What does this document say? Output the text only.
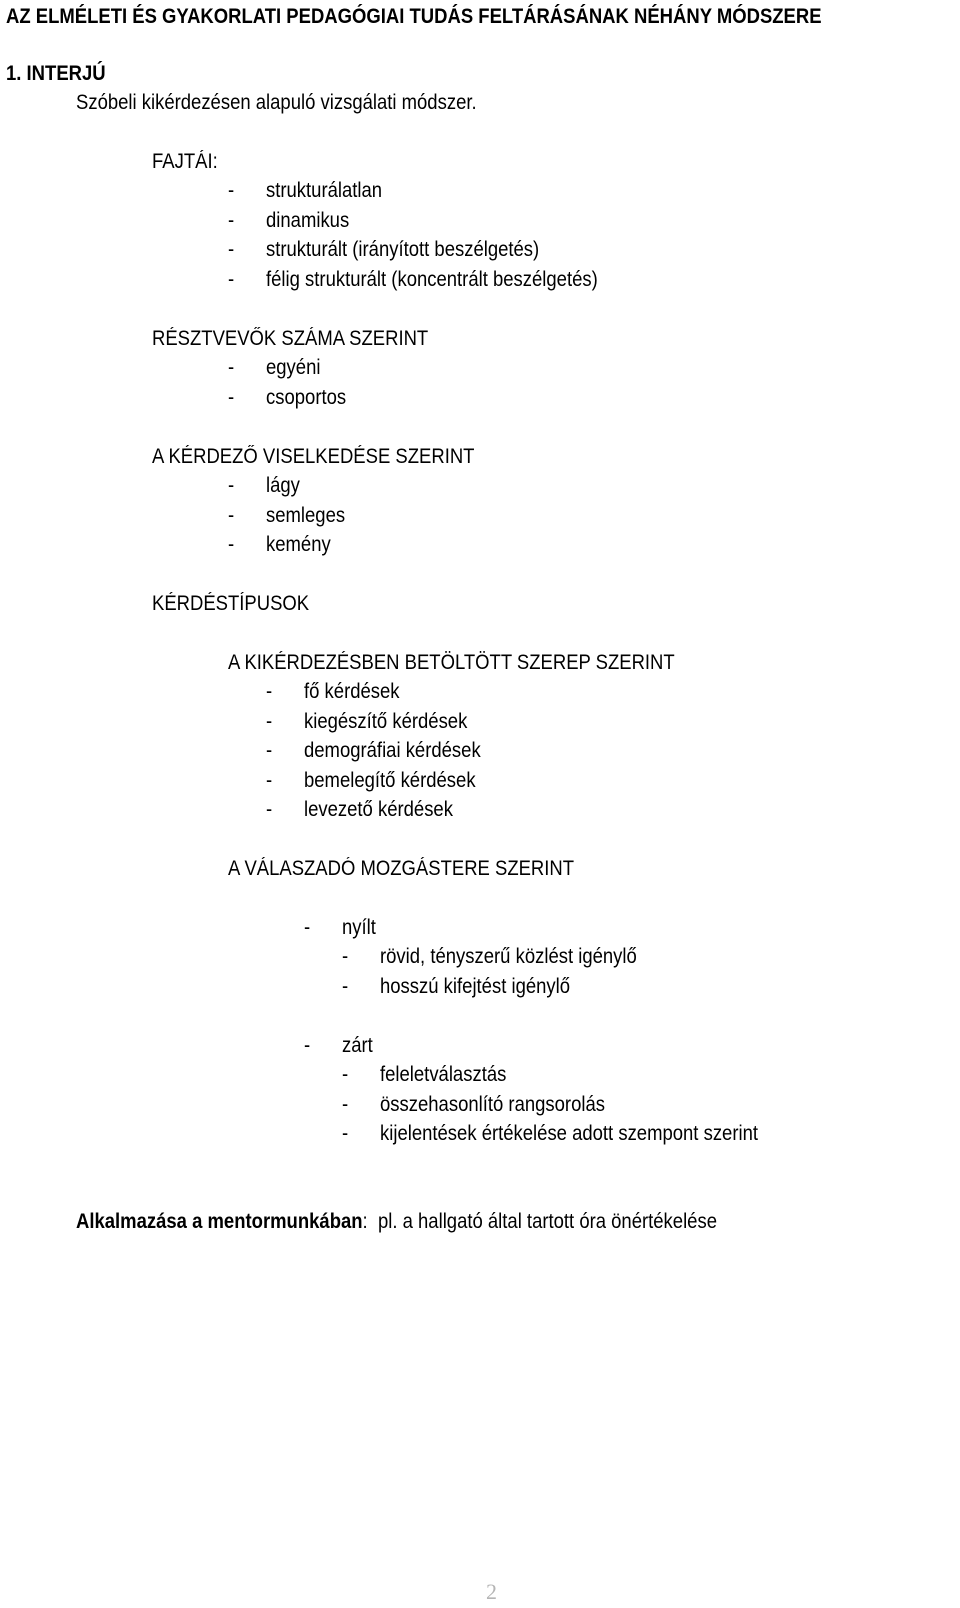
AZ ELMÉLETI ÉS GYAKORLATI PEDAGÓGIAI TUDÁS FELTÁRÁSÁNAK NÉHÁNY MÓDSZERE

1. INTERJÚ

Szóbeli kikérdezésen alapuló vizsgálati módszer.

FAJTÁI:

- strukturálatlan

- dinamikus

- strukturált (irányított beszélgetés)

- félig strukturált (koncentrált beszélgetés)

RÉSZTVEVŐK SZÁMA SZERINT

- egyéni

- csoportos

A KÉRDEZŐ VISELKEDÉSE SZERINT

- lágy

- semleges

- kemény

KÉRDÉSTÍPUSOK

A KIKÉRDEZÉSBEN BETÖLTÖTT SZEREP SZERINT

- fő kérdések

- kiegészítő kérdések

- demográfiai kérdések

- bemelegítő kérdések

- levezető kérdések

A VÁLASZADÓ MOZGÁSTERE SZERINT

- nyílt

- rövid, tényszerű közlést igénylő

- hosszú kifejtést igénylő

- zárt

- feleletválasztás

- összehasonlító rangsorolás

- kijelentések értékelése adott szempont szerint

Alkalmazása a mentormunkában: pl. a hallgató által tartott óra önértékelése

2
